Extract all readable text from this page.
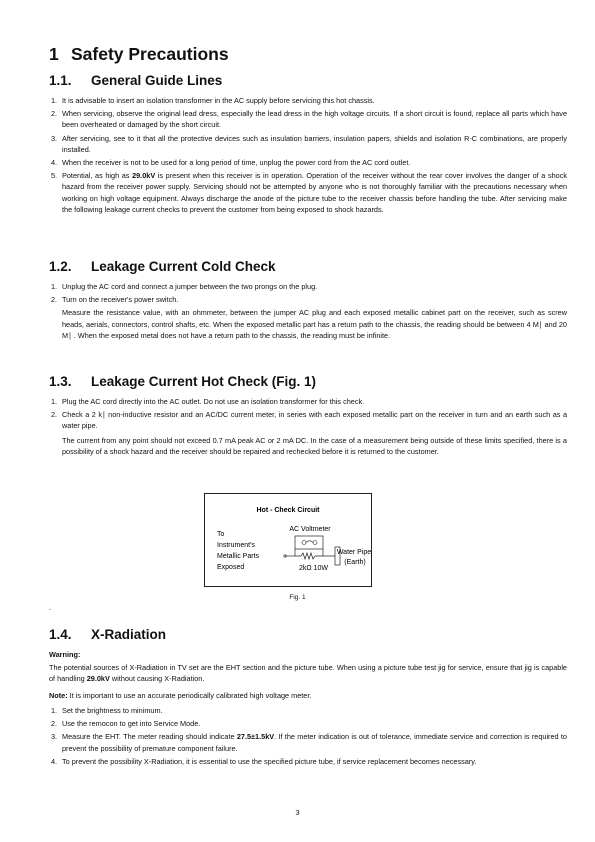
1 Safety Precautions
1.1. General Guide Lines
1. It is advisable to insert an isolation transformer in the AC supply before servicing this hot chassis.
2. When servicing, observe the original lead dress, especially the lead dress in the high voltage circuits. If a short circuit is found, replace all parts which have been overheated or damaged by the short circuit.
3. After servicing, see to it that all the protective devices such as insulation barriers, insulation papers, shields and isolation R-C combinations, are properly installed.
4. When the receiver is not to be used for a long period of time, unplug the power cord from the AC cord outlet.
5. Potential, as high as 29.0kV is present when this receiver is in operation. Operation of the receiver without the rear cover involves the danger of a shock hazard from the receiver power supply. Servicing should not be attempted by anyone who is not thoroughly familiar with the precautions necessary when working on high voltage equipment. Always discharge the anode of the picture tube to the receiver chassis before handling the tube. After servicing make the following leakage current checks to prevent the customer from being exposed to shock hazards.
1.2. Leakage Current Cold Check
1. Unplug the AC cord and connect a jumper between the two prongs on the plug.
2. Turn on the receiver's power switch.
Measure the resistance value, with an ohmmeter, between the jumper AC plug and each exposed metallic cabinet part on the receiver, such as screw heads, aerials, connectors, control shafts, etc. When the exposed metallic part has a return path to the chassis, the reading should be between 4 M∣ and 20 M∣ . When the exposed metal does not have a return path to the chassis, the reading must be infinite.
1.3. Leakage Current Hot Check (Fig. 1)
1. Plug the AC cord directly into the AC outlet. Do not use an isolation transformer for this check.
2. Check a 2 k∣ non-inductive resistor and an AC/DC current meter, in series with each exposed metallic part on the receiver in turn and an earth such as a water pipe.
The current from any point should not exceed 0.7 mA peak AC or 2 mA DC. In the case of a measurement being outside of these limits specified, there is a possibility of a shock hazard and the receiver should be repaired and rechecked before it is returned to the customer.
Hot - Check Circuit
AC Voltmeter
To Instrument's Metallic Parts Exposed	2kΩ 10W
Water Pipe (Earth)
Fig. 1
.
1.4. X-Radiation
Warning:
The potential sources of X-Radiation in TV set are the EHT section and the picture tube. When using a picture tube test jig for service, ensure that jig is capable of handling 29.0kV without causing X-Radiation.
Note: It is important to use an accurate periodically calibrated high voltage meter.
1. Set the brightness to minimum.
2. Use the remocon to get into Service Mode.
3. Measure the EHT. The meter reading should indicate 27.5±1.5kV. If the meter indication is out of tolerance, immediate service and correction is required to prevent the possibility of premature component failure.
4. To prevent the possibility X-Radiation, it is essential to use the specified picture tube, if service replacement becomes necessary.
3
